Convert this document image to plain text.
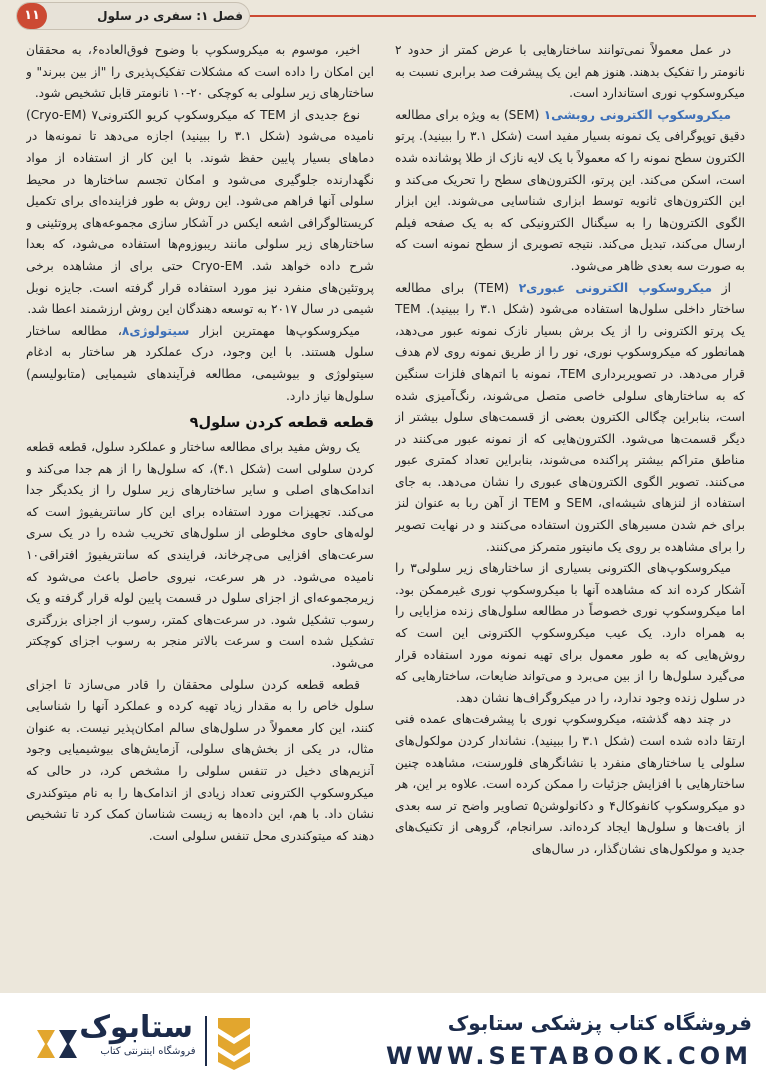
۱۱	فصل ۱: سفری در سلول

در عمل معمولاً نمی‌توانند ساختارهایی با عرض کمتر از حدود ۲ نانومتر را تفکیک بدهند. هنوز هم این یک پیشرفت صد برابری نسبت به میکروسکوپ نوری استاندارد است.

میکروسکوپ الکترونی روبشی۱ (SEM) به ویژه برای مطالعه دقیق توپوگرافی یک نمونه بسیار مفید است (شکل ۳.۱ را ببینید). پرتو الکترون سطح نمونه را که معمولاً با یک لایه نازک از طلا پوشانده شده است، اسکن می‌کند. این پرتو، الکترون‌های سطح را تحریک می‌کند و این الکترون‌های ثانویه توسط ابزاری شناسایی می‌شوند. این ابزار الگوی الکترون‌ها را به سیگنال الکترونیکی که به یک صفحه فیلم ارسال می‌کند، تبدیل می‌کند. نتیجه تصویری از سطح نمونه است که به صورت سه بعدی ظاهر می‌شود.

از میکروسکوپ الکترونی عبوری۲ (TEM) برای مطالعه ساختار داخلی سلول‌ها استفاده می‌شود (شکل ۳.۱ را ببینید). TEM یک پرتو الکترونی را از یک برش بسیار نازک نمونه عبور می‌دهد، همانطور که میکروسکوپ نوری، نور را از طریق نمونه روی لام هدف قرار می‌دهد. در تصویربرداری TEM، نمونه با اتم‌های فلزات سنگین که به ساختارهای سلولی خاصی متصل می‌شوند، رنگ‌آمیزی شده است، بنابراین چگالی الکترون بعضی از قسمت‌های سلول بیشتر از دیگر قسمت‌ها می‌شود. الکترون‌هایی که از نمونه عبور می‌کنند در مناطق متراکم بیشتر پراکنده می‌شوند، بنابراین تعداد کمتری عبور می‌کنند. تصویر الگوی الکترون‌های عبوری را نشان می‌دهد. به جای استفاده از لنزهای شیشه‌ای، SEM و TEM از آهن ربا به عنوان لنز برای خم شدن مسیرهای الکترون استفاده می‌کنند و در نهایت تصویر را برای مشاهده بر روی یک مانیتور متمرکز می‌کنند.

میکروسکوپ‌های الکترونی بسیاری از ساختارهای زیر سلولی۳ را آشکار کرده اند که مشاهده آنها با میکروسکوپ نوری غیرممکن بود. اما میکروسکوپ نوری خصوصاً در مطالعه سلول‌های زنده مزایایی را به همراه دارد. یک عیب میکروسکوپ الکترونی این است که روش‌هایی که به طور معمول برای تهیه نمونه مورد استفاده قرار می‌گیرد سلول‌ها را از بین می‌برد و می‌تواند ضایعات، ساختارهایی که در سلول زنده وجود ندارد، را در میکروگراف‌ها نشان دهد.

در چند دهه گذشته، میکروسکوپ نوری با پیشرفت‌های عمده فنی ارتقا داده شده است (شکل ۳.۱ را ببینید). نشاندار کردن مولکول‌های سلولی یا ساختارهای منفرد با نشانگرهای فلورسنت، مشاهده چنین ساختارهایی با افزایش جزئیات را ممکن کرده است. علاوه بر این، هر دو میکروسکوپ کانفوکال۴ و دکانولوشن۵ تصاویر واضح تر سه بعدی از بافت‌ها و سلول‌ها ایجاد کرده‌اند. سرانجام، گروهی از تکنیک‌های جدید و مولکول‌های نشان‌گذار، در سال‌های

اخیر، موسوم به میکروسکوپ با وضوح فوق‌العاده۶، به محققان این امکان را داده است که مشکلات تفکیک‌پذیری را "از بین ببرند" و ساختارهای زیر سلولی به کوچکی ۲۰-۱۰ نانومتر قابل تشخیص شود.

نوع جدیدی از TEM که میکروسکوپ کریو الکترونی۷ (Cryo-EM) نامیده می‌شود (شکل ۳.۱ را ببینید) اجازه می‌دهد تا نمونه‌ها در دماهای بسیار پایین حفظ شوند. با این کار از استفاده از مواد نگهدارنده جلوگیری می‌شود و امکان تجسم ساختارها در محیط سلولی آنها فراهم می‌شود. این روش به طور فزاینده‌ای برای تکمیل کریستالوگرافی اشعه ایکس در آشکار سازی مجموعه‌های پروتئینی و ساختارهای زیر سلولی مانند ریبوزوم‌ها استفاده می‌شود، که بعدا شرح داده خواهد شد. Cryo-EM حتی برای از مشاهده برخی پروتئین‌های منفرد نیز مورد استفاده قرار گرفته است. جایزه نوبل شیمی در سال ۲۰۱۷ به توسعه دهندگان این روش ارزشمند اعطا شد.

میکروسکوپ‌ها مهمترین ابزار سیتولوژی۸، مطالعه ساختار سلول هستند. با این وجود، درک عملکرد هر ساختار به ادغام سیتولوژی و بیوشیمی، مطالعه فرآیندهای شیمیایی (متابولیسم) سلول‌ها نیاز دارد.

قطعه قطعه کردن سلول۹

یک روش مفید برای مطالعه ساختار و عملکرد سلول، قطعه قطعه کردن سلولی است (شکل ۴.۱)، که سلول‌ها را از هم جدا می‌کند و اندامک‌های اصلی و سایر ساختارهای زیر سلول را از یکدیگر جدا می‌کند. تجهیزات مورد استفاده برای این کار سانتریفیوژ است که لوله‌های حاوی مخلوطی از سلول‌های تخریب شده را در یک سری سرعت‌های افزایی می‌چرخاند، فرایندی که سانتریفیوژ افتراقی۱۰ نامیده می‌شود. در هر سرعت، نیروی حاصل باعث می‌شود که زیرمجموعه‌ای از اجزای سلول در قسمت پایین لوله قرار گرفته و یک رسوب تشکیل شود. در سرعت‌های کمتر، رسوب از اجزای بزرگتری تشکیل شده است و سرعت بالاتر منجر به رسوب اجزای کوچکتر می‌شود.

قطعه قطعه کردن سلولی محققان را قادر می‌سازد تا اجزای سلول خاص را به مقدار زیاد تهیه کرده و عملکرد آنها را شناسایی کنند، این کار معمولاً در سلول‌های سالم امکان‌پذیر نیست. به عنوان مثال، در یکی از بخش‌های سلولی، آزمایش‌های بیوشیمیایی وجود آنزیم‌های دخیل در تنفس سلولی را مشخص کرد، در حالی که میکروسکوپ الکترونی تعداد زیادی از اندامک‌ها را به نام میتوکندری نشان داد. با هم، این داده‌ها به زیست شناسان کمک کرد تا تشخیص دهند که میتوکندری محل تنفس سلولی است.

ستابوک
فروشگاه اینترنتی کتاب
فروشگاه کتاب پزشکی ستابوک
WWW.SETABOOK.COM
